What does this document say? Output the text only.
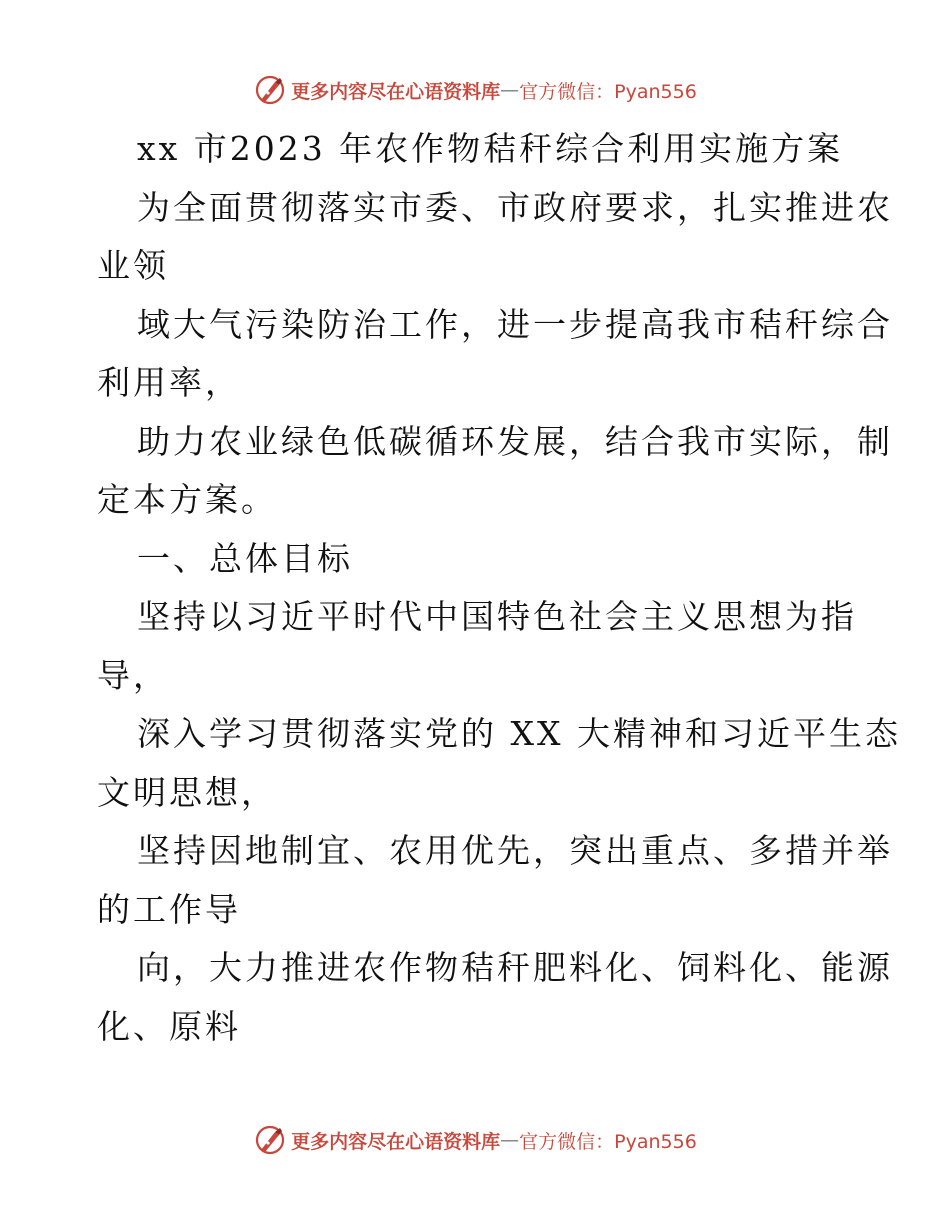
更多内容尽在心语资料库 — 官方微信：Pyan556
xx 市2023 年农作物秸秆综合利用实施方案
为全面贯彻落实市委、市政府要求，扎实推进农
业领
域大气污染防治工作，进一步提高我市秸秆综合
利用率，
助力农业绿色低碳循环发展，结合我市实际，制
定本方案。
一、总体目标
坚持以习近平时代中国特色社会主义思想为指
导，
深入学习贯彻落实党的 XX 大精神和习近平生态
文明思想，
坚持因地制宜、农用优先，突出重点、多措并举
的工作导
向，大力推进农作物秸秆肥料化、饲料化、能源
化、原料
更多内容尽在心语资料库 — 官方微信：Pyan556
